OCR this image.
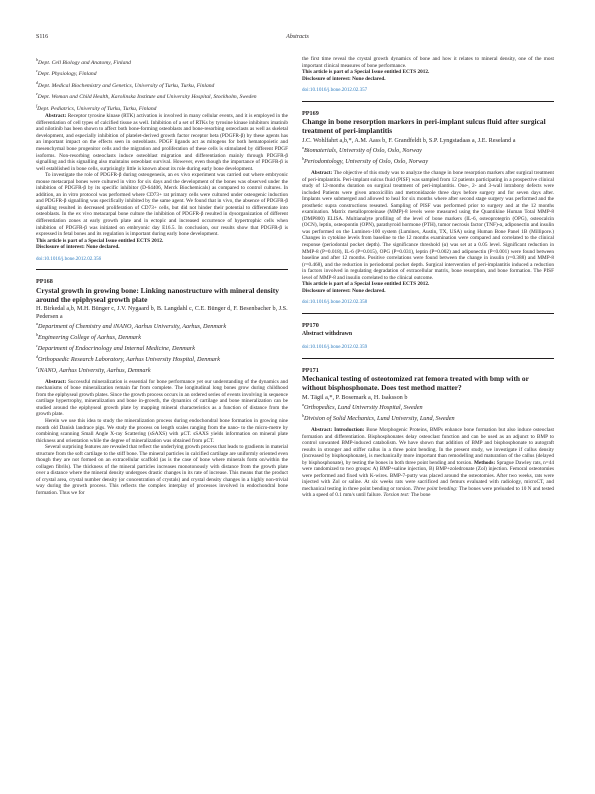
S116	Abstracts
$^b$Dept. Cell Biology and Anatomy, Finland
$^c$Dept. Physiology, Finland
$^d$Dept. Medical Biochemistry and Genetics, University of Turku, Turku, Finland
$^e$Dept. Woman and Child Health, Karolinska Institute and University Hospital, Stockholm, Sweden
$^f$Dept. Pediatrics, University of Turku, Turku, Finland

Abstract: Receptor tyrosine kinase (RTK) activation is involved in many cellular events, and it is employed in the differentiation of cell types of calcified tissue as well. Inhibition of a set of RTKs by tyrosine kinase inhibitors imatinib and nilotinib has been shown to affect both bone-forming osteoblasts and bone-resorbing osteoclasts as well as skeletal development, and especially inhibition of platelet-derived growth factor receptor beta (PDGFR-β) by these agents has an important impact on the effects seen in osteoblasts. PDGF ligands act as mitogens for both hematopoietic and mesenchymal bone progenitor cells and the migration and proliferation of these cells is stimulated by different PDGF isoforms. Non-resorbing osteoclasts induce osteoblast migration and differentiation mainly through PDGFR-β signalling and this signalling also maintains osteoblast survival. However, even though the importance of PDGFR-β is well established in bone cells, surprisingly little is known about its role during early bone development.

To investigate the role of PDGFR-β during osteogenesis, an ex vivo experiment was carried out where embryonic mouse metacarpal bones were cultured in vitro for six days and the development of the bones was observed under the inhibition of PDGFR-β by its specific inhibitor (D-64406, Merck Biochemicals) as compared to control cultures. In addition, an in vitro protocol was performed where CD73+ rat primary cells were cultured under osteogenic induction and PDGFR-β signalling was specifically inhibited by the same agent. We found that in vivo, the absence of PDGFR-β signalling resulted in decreased proliferation of CD73+ cells, but did not hinder their potential to differentiate into osteoblasts. In the ex vivo metacarpal bone culture the inhibition of PDGFR-β resulted in dysorganization of different differentiation zones at early growth plate and in ectopic and increased occurrence of hypertrophic cells when inhibition of PDGFR-β was initiated on embryonic day E16.5. In conclusion, our results show that PDGFR-β is expressed in fetal bones and its regulation is important during early bone development.

This article is part of a Special Issue entitled ECTS 2012.

Disclosure of interest: None declared.

doi:10.1016/j.bone.2012.02.356
PP168
Crystal growth in growing bone: Linking nanostructure with mineral density around the epiphyseal growth plate
H. Birkedal a,b, M.H. Bünger c, J.V. Nygaard b, B. Langdahl c, C.E. Bünger d, F. Besenbacher b, J.S. Pedersen a
$^a$Department of Chemistry and iNANO, Aarhus University, Aarhus, Denmark
$^b$Engineering College of Aarhus, Denmark
$^c$Department of Endocrinology and Internal Medicine, Denmark
$^d$Orthopaedic Research Laboratory, Aarhus University Hospital, Denmark
$^e$iNANO, Aarhus University, Aarhus, Denmark

Abstract: Successful mineralization is essential for bone performance yet our understanding of the dynamics and mechanisms of bone mineralization remain far from complete. The longitudinal long bones grow during childhood from the epiphyseal growth plates. Since the growth process occurs in an ordered series of events involving in sequence cartilage hypertrophy, mineralization and bone in-growth, the dynamics of cartilage and bone mineralization can be studied around the epiphyseal growth plate by mapping mineral characteristics as a function of distance from the growth plate.

Herein we use this idea to study the mineralization process during endochondral bone formation in growing nine month old Danish landrace pigs. We study the process on length scales ranging from the nano- to the micro-metre by combining scanning Small Angle X-ray Scattering (sSAXS) with µCT. sSAXS yields information on mineral plate thickness and orientation while the degree of mineralization was obtained from µCT.

Several surprising features are revealed that reflect the underlying growth process that leads to gradients in material structure from the soft cartilage to the stiff bone. The mineral particles in calcified cartilage are uniformly oriented even though they are not formed on an extracellular scaffold (as is the case of bone where minerals form on/within the collagen fibrils). The thickness of the mineral particles increases monotonously with distance from the growth plate over a distance where the mineral density undergoes drastic changes in its rate of increase. This means that the product of crystal area, crystal number density (or concentration of crystals) and crystal density changes in a highly non-trivial way during the growth process. This reflects the complex interplay of processes involved in endochondral bone formation. Thus we for

the first time reveal the crystal growth dynamics of bone and how it relates to mineral density, one of the most important clinical measures of bone performance.

This article is part of a Special Issue entitled ECTS 2012.

Disclosure of interest: None declared.

doi:10.1016/j.bone.2012.02.357
PP169
Change in bone resorption markers in peri-implant sulcus fluid after surgical treatment of peri-implantitis
J.C. Wohlfahrt a,b,*, A.M. Aass b, F. Grandfeldt b, S.P. Lyngstadaas a, J.E. Reseland a
$^a$Biomaterials, University of Oslo, Oslo, Norway
$^b$Periodontology, University of Oslo, Oslo, Norway

Abstract: The objective of this study was to analyze the change in bone resorption markers after surgical treatment of peri-implantitis. Peri-implant sulcus fluid (PISF) was sampled from 12 patients participating in a prospective clinical study of 12-months duration on surgical treatment of peri-implantitis. One-, 2- and 3-wall intrabony defects were included Patients were given amoxicillin and metronidazole three days before surgery and for seven days after. Implants were submerged and allowed to heal for six months where after second stage surgery was performed and the prosthetic supra constructions reseated. Sampling of PISF was performed prior to surgery and at the 12 months examination. Matrix metalloproteinase (MMP)-8 levels were measured using the Quantikine Human Total MMP-8 (DMP800) ELISA. Multianalyte profiling of the level of bone markers (IL-6, osteoprotegrin (OPG), osteocalcin (OCN), leptin, osteopontin (OPN), parathyroid hormone (PTH), tumor necrosis factor (TNF)-α, adiponectin and insulin was performed on the Luminex-100 system (Luminex, Austin, TX, USA) using Human Bone Panel 1B (Millipore.) Changes in cytokine levels from baseline to the 12 months examination were compared and correlated to the clinical response (periodontal pocket depth). The significance threshold (α) was set at a 0.05 level. Significant reduction in MMP-8 (P=0.018), IL-6 (P=0.015), OPG (P=0.031), leptin (P=0.002) and adiponectin (P<0.001) were found between baseline and after 12 months. Positive correlations were found between the change in insulin (r=0.388) and MMP-8 (r=0.468), and the reduction in periodontal pocket depth. Surgical intervention of peri-implantitis induced a reduction in factors involved in regulating degradation of extracellular matrix, bone resorption, and bone formation. The PISF level of MMP-8 and insulin correlated to the clinical outcome.

This article is part of a Special Issue entitled ECTS 2012.

Disclosure of interest: None declared.

doi:10.1016/j.bone.2012.02.358
PP170
Abstract withdrawn
doi:10.1016/j.bone.2012.02.359
PP171
Mechanical testing of osteotomized rat femora treated with bmp with or without bisphosphonate. Does test method matter?
M. Tägil a,*, P. Bosemark a, H. Isaksson b
$^a$Orthopedics, Lund University Hospital, Sweden
$^b$Division of Solid Mechanics, Lund University, Lund, Sweden

Abstract: Introduction: Bone Morphogenic Proteins, BMPs enhance bone formation but also induce osteoclast formation and differentiation. Bisphosphonates delay osteoclast function and can be used as an adjunct to BMP to control unwanted BMP-induced catabolism. We have shown that addition of BMP and bisphosphonate to autograft results in stronger and stiffer callus in a three point bending. In the present study, we investigate if callus density (increased by bisphosphonate), is mechanically more important than remodelling and maturation of the callus (delayed by bisphosphonate), by testing the bones in both three point bending and torsion. Methods: Sprague Dawley rats, n=44 were randomized to two groups: A) BMP+saline injection, B) BMP+zoledronate (Zol) injection. Femoral osteotomies were performed and fixed with K-wires. BMP-7-putty was placed around the osteotomies. After two weeks, rats were injected with Zol or saline. At six weeks rats were sacrificed and femurs evaluated with radiology, microCT, and mechanical testing in three point bending or torsion. Three point bending: The bones were preloaded to 10 N and tested with a speed of 0.1 mm/s until failure. Torsion test: The bone
